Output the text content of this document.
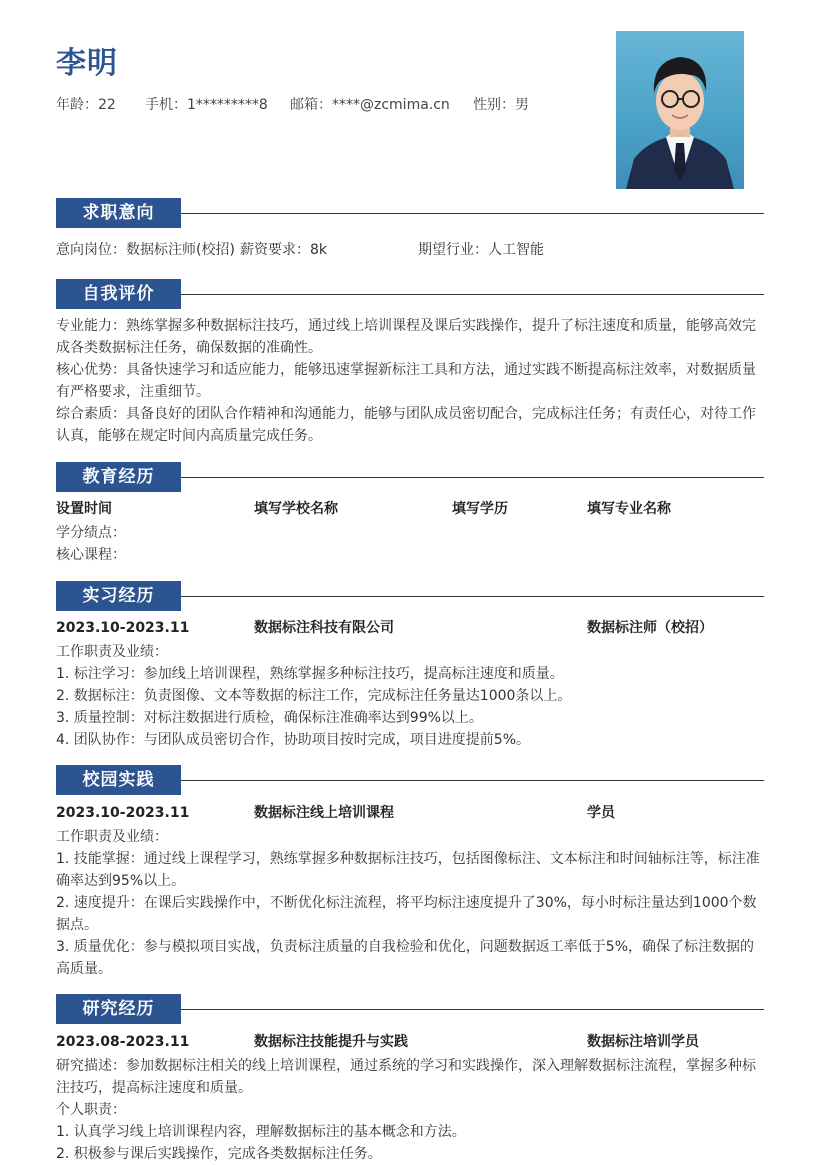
李明
年龄：22 手机：1*********8 邮箱：****@zcmima.cn 性别：男
求职意向
意向岗位：数据标注师(校招) 薪资要求：8k	期望行业：人工智能
自我评价

专业能力：熟练掌握多种数据标注技巧，通过线上培训课程及课后实践操作，提升了标注速度和质量，能够高效完成各类数据标注任务，确保数据的准确性。

核心优势：具备快速学习和适应能力，能够迅速掌握新标注工具和方法，通过实践不断提高标注效率，对数据质量有严格要求，注重细节。

综合素质：具备良好的团队合作精神和沟通能力，能够与团队成员密切配合，完成标注任务；有责任心，对待工作认真，能够在规定时间内高质量完成任务。

教育经历
设置时间	填写学校名称	填写学历	填写专业名称
学分绩点：
核心课程：
实习经历
2023.10-2023.11	数据标注科技有限公司	数据标注师（校招）
工作职责及业绩：
1. 标注学习：参加线上培训课程，熟练掌握多种标注技巧，提高标注速度和质量。
2. 数据标注：负责图像、文本等数据的标注工作，完成标注任务量达1000条以上。
3. 质量控制：对标注数据进行质检，确保标注准确率达到99%以上。
4. 团队协作：与团队成员密切合作，协助项目按时完成，项目进度提前5%。
校园实践
2023.10-2023.11	数据标注线上培训课程	学员
工作职责及业绩：

1. 技能掌握：通过线上课程学习，熟练掌握多种数据标注技巧，包括图像标注、文本标注和时间轴标注等，标注准确率达到95%以上。

2. 速度提升：在课后实践操作中，不断优化标注流程，将平均标注速度提升了30%，每小时标注量达到1000个数据点。

3. 质量优化：参与模拟项目实战，负责标注质量的自我检验和优化，问题数据返工率低于5%，确保了标注数据的高质量。

研究经历
2023.08-2023.11	数据标注技能提升与实践	数据标注培训学员

研究描述：参加数据标注相关的线上培训课程，通过系统的学习和实践操作，深入理解数据标注流程，掌握多种标注技巧，提高标注速度和质量。

个人职责：
1. 认真学习线上培训课程内容，理解数据标注的基本概念和方法。
2. 积极参与课后实践操作，完成各类数据标注任务。
